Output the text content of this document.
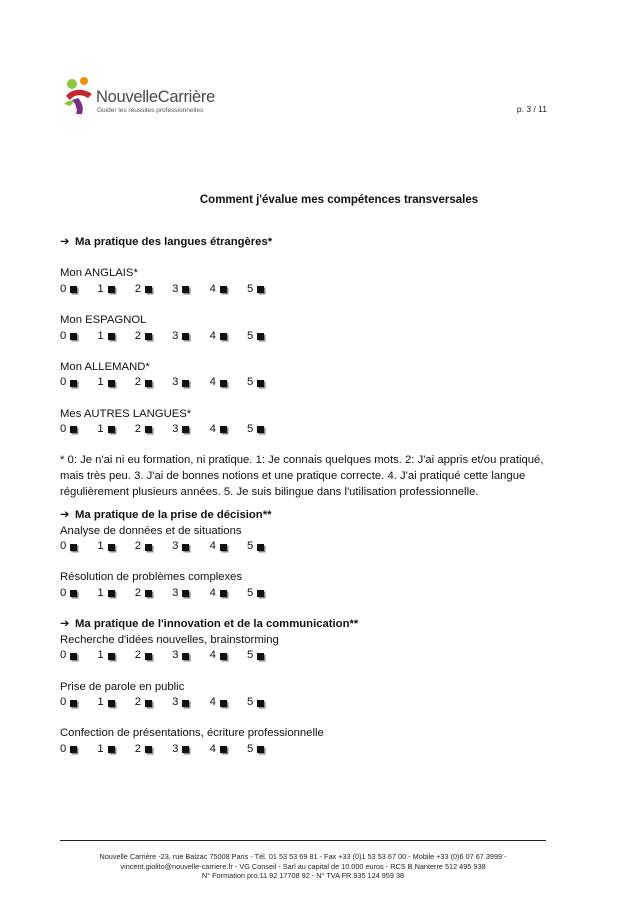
NouvelleCarrière
Guider les réussites professionnelles	p. 3 / 11
Comment j'évalue mes compétences transversales
➔ Ma pratique des langues étrangères*
Mon ANGLAIS*
0	1	2	3	4	5
Mon ESPAGNOL
0	1	2	3	4	5
Mon ALLEMAND*
0	1	2	3	4	5
Mes AUTRES LANGUES*
0	1	2	3	4	5
* 0: Je n'ai ni eu formation, ni pratique. 1: Je connais quelques mots. 2: J'ai appris et/ou pratiqué, mais très peu. 3. J'ai de bonnes notions et une pratique correcte. 4. J'ai pratiqué cette langue régulièrement plusieurs années. 5. Je suis bilingue dans l'utilisation professionnelle.
➔ Ma pratique de la prise de décision**
Analyse de données et de situations
0	1	2	3	4	5
Résolution de problèmes complexes
0	1	2	3	4	5
➔ Ma pratique de l'innovation et de la communication**
Recherche d'idées nouvelles, brainstorming
0	1	2	3	4	5
Prise de parole en public
0	1	2	3	4	5
Confection de présentations, écriture professionnelle
0	1	2	3	4	5
Nouvelle Carrière -23, rue Balzac 75008 Paris - Tél. 01 53 53 69 81 - Fax +33 (0)1 53 53 67 00 - Mobile +33 (0)6 07 67 3999 -
vincent.giolito@nouvelle-carriere.fr - VG Conseil - Sarl au capital de 10.000 euros - RCS B Nanterre 512 495 938
N° Formation pro.11 92 17708 92 - N° TVA FR 935 124 959 38
